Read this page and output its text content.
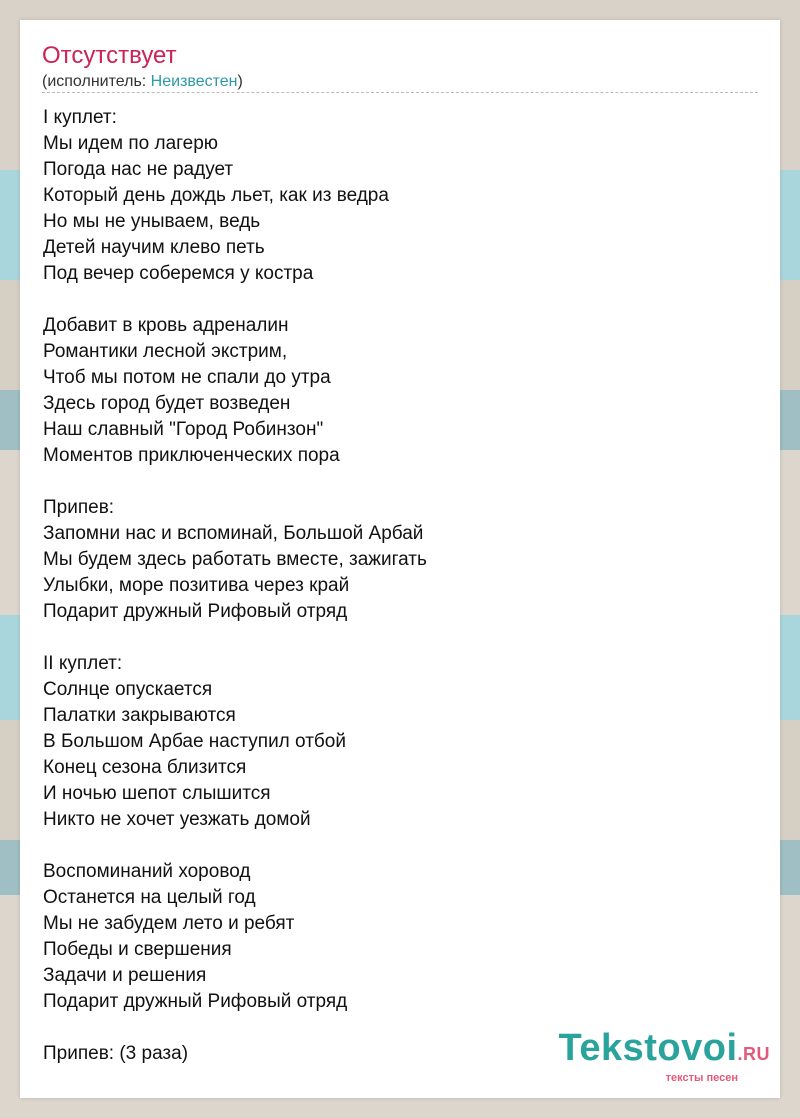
Отсутствует
(исполнитель: Неизвестен)
I куплет:
Мы идем по лагерю
Погода нас не радует
Который день дождь льет, как из ведра
Но мы не унываем, ведь
Детей научим клево петь
Под вечер соберемся у костра
Добавит в кровь адреналин
Романтики лесной экстрим,
Чтоб мы потом не спали до утра
Здесь город будет возведен
Наш славный "Город Робинзон"
Моментов приключенческих пора
Припев:
Запомни нас и вспоминай, Большой Арбай
Мы будем здесь работать вместе, зажигать
Улыбки, море позитива через край
Подарит дружный Рифовый отряд
II куплет:
Солнце опускается
Палатки закрываются
В Большом Арбае наступил отбой
Конец сезона близится
И ночью шепот слышится
Никто не хочет уезжать домой
Воспоминаний хоровод
Останется на целый год
Мы не забудем лето и ребят
Победы и свершения
Задачи и решения
Подарит дружный Рифовый отряд
Припев: (3 раза)	Tekstovoi.RU
тексты песен
